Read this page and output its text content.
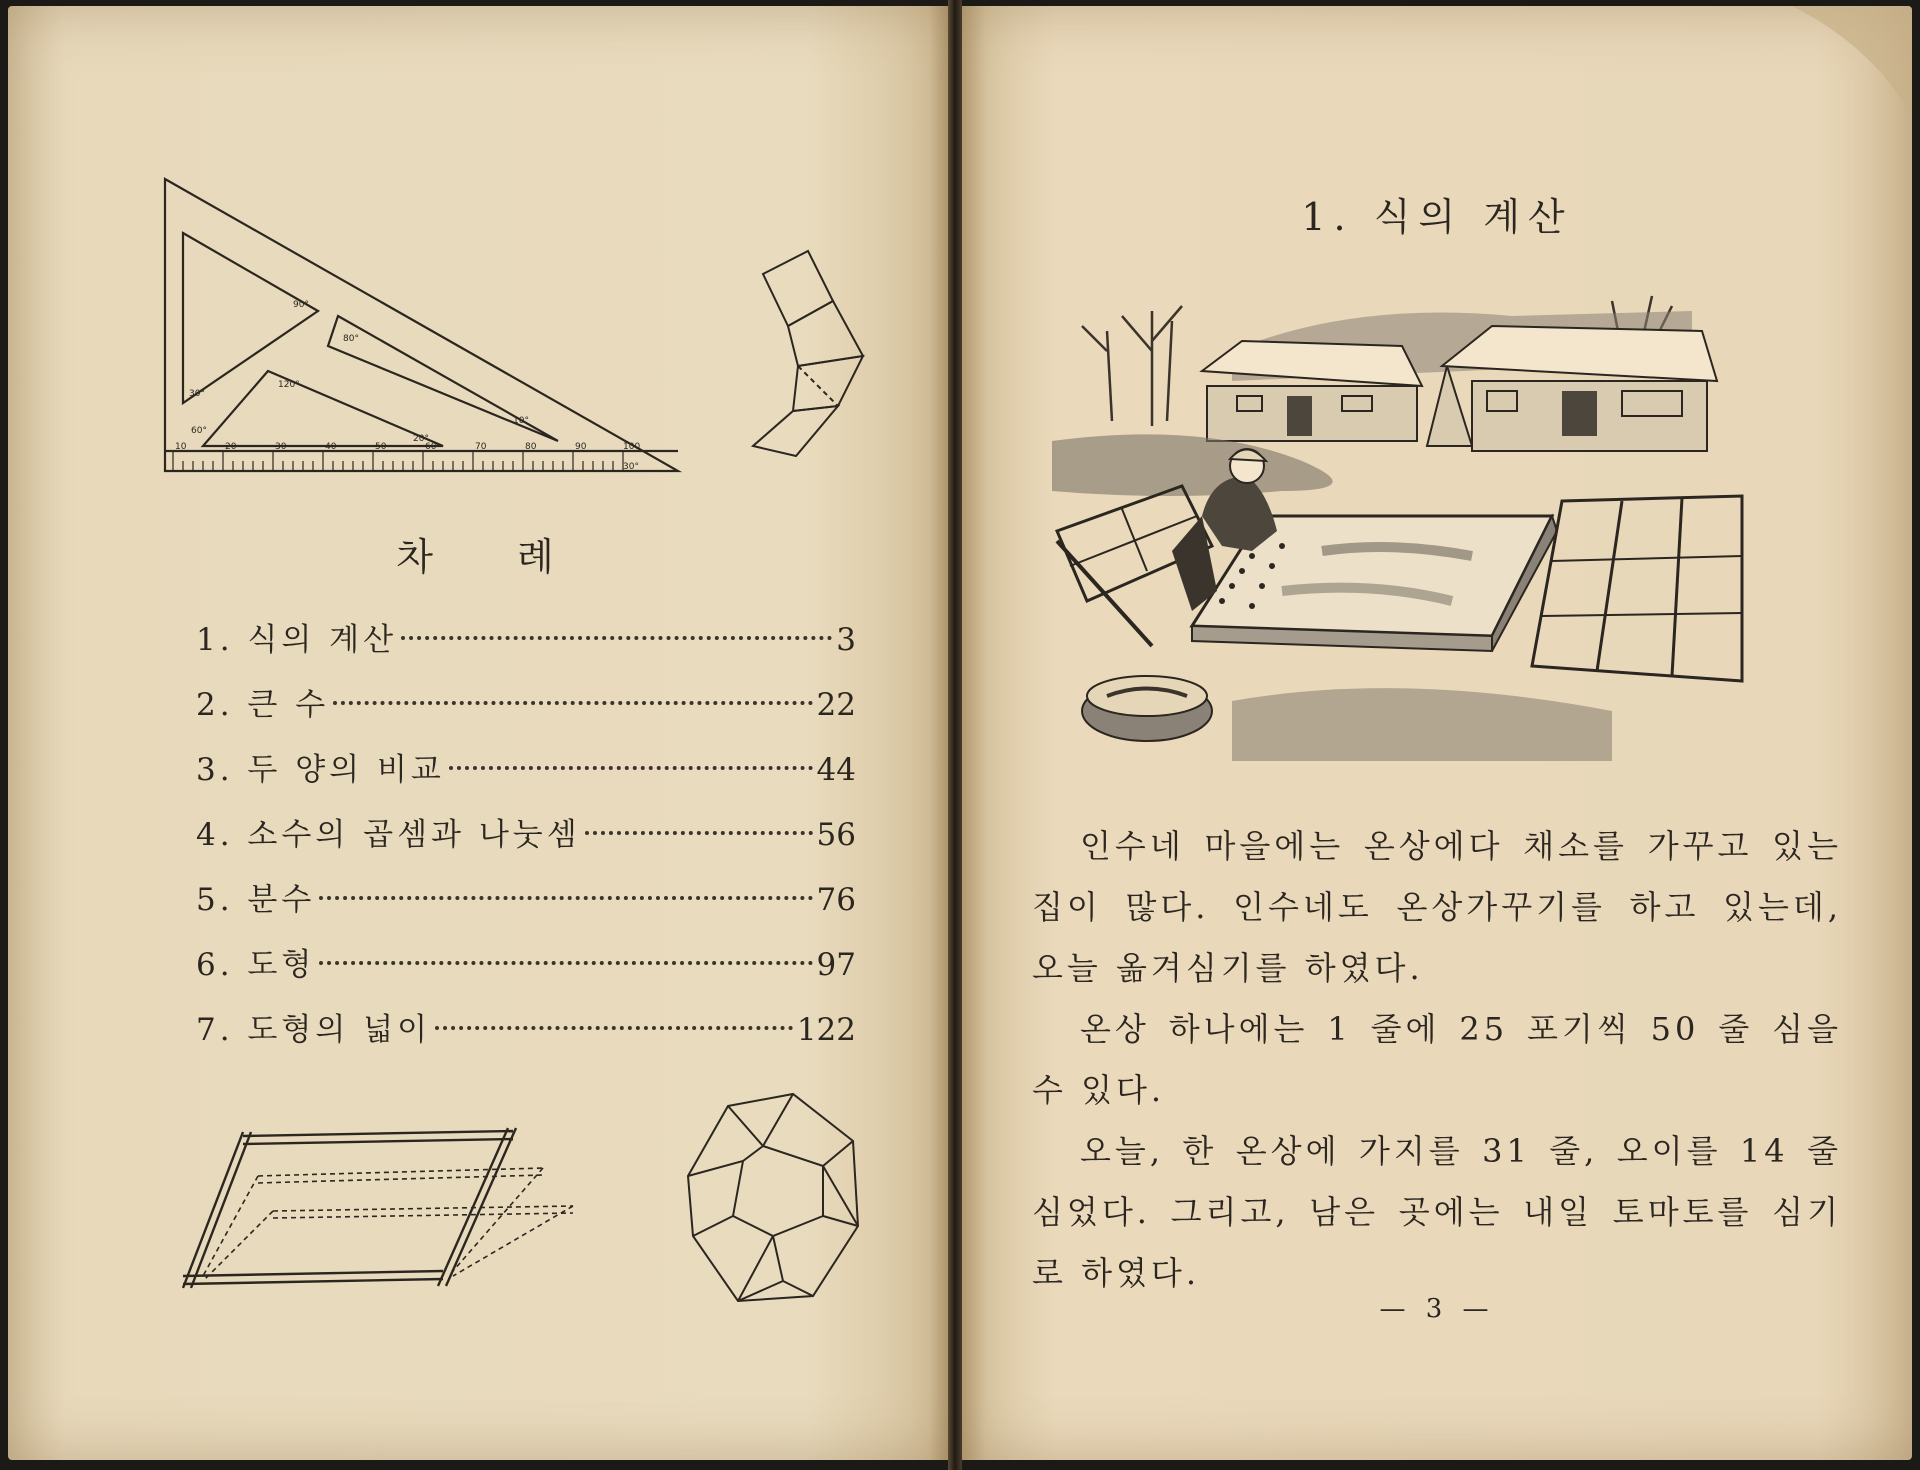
10	20	30	40	50	60	70	80	90	100
30°
60°
90°
120°
20°
30°
10°
80°
차 례
1. 식의 계산	3
2. 큰 수	22
3. 두 양의 비교	44
4. 소수의 곱셈과 나눗셈	56
5. 분수	76
6. 도형	97
7. 도형의 넓이	122
1. 식의 계산

인수네 마을에는 온상에다 채소를 가꾸고 있는 집이 많다. 인수네도 온상가꾸기를 하고 있는데, 오늘 옮겨심기를 하였다.

온상 하나에는 1 줄에 25 포기씩 50 줄 심을 수 있다.

오늘, 한 온상에 가지를 31 줄, 오이를 14 줄 심었다. 그리고, 남은 곳에는 내일 토마토를 심기로 하였다.

— 3 —
